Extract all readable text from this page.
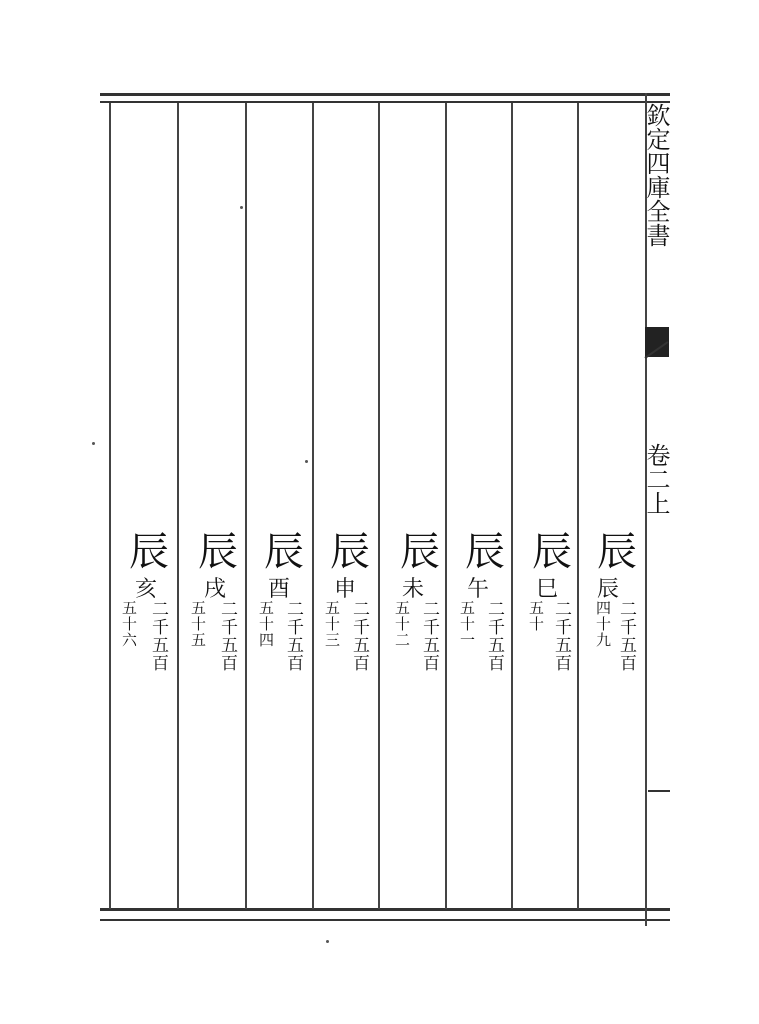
欽定四庫全書
卷二上
辰
辰
二千五百
四十九
辰
巳
二千五百
五十
辰
午
二千五百
五十一
辰
未
二千五百
五十二
辰
申
二千五百
五十三
辰
酉
二千五百
五十四
辰
戌
二千五百
五十五
辰
亥
二千五百
五十六
